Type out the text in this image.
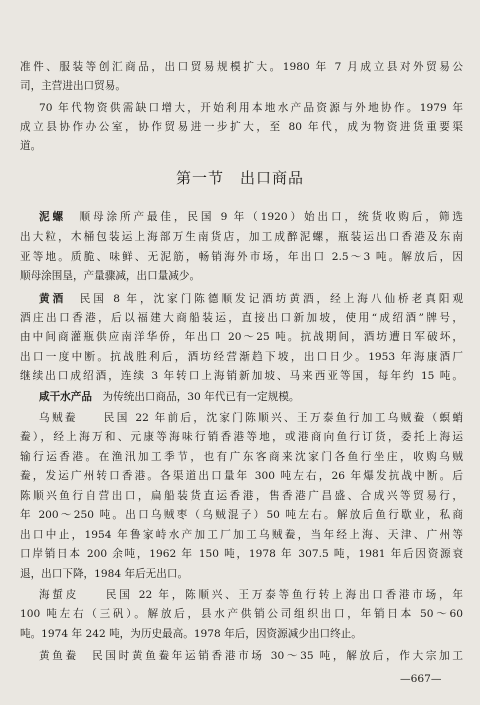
准件、服装等创汇商品，出口贸易规模扩大。1980 年 7 月成立县对外贸易公
司，主营进出口贸易。
70 年代物资供需缺口增大，开始利用本地水产品资源与外地协作。1979 年
成立县协作办公室，协作贸易进一步扩大，至 80 年代，成为物资进货重要渠
道。
第一节　出口商品
泥螺　顺母涂所产最佳，民国 9 年（1920）始出口，统货收购后，筛选
出大粒，木桶包装运上海部万生南货店，加工成醉泥螺，瓶装运出口香港及东南
亚等地。质脆、味鲜、无泥筋，畅销海外市场，年出口 2.5～3 吨。解放后，因
顺母涂围垦，产量骤减，出口量减少。
黄酒　民国 8 年，沈家门陈德顺发记酒坊黄酒，经上海八仙桥老真阳观
酒庄出口香港，后以福建大商船装运，直接出口新加坡，使用“成绍酒”牌号，
由中间商灌瓶供应南洋华侨，年出口 20～25 吨。抗战期间，酒坊遭日军破坏，
出口一度中断。抗战胜利后，酒坊经营渐趋下坡，出口日少。1953 年海康酒厂
继续出口成绍酒，连续 3 年转口上海销新加坡、马来西亚等国，每年约 15 吨。
咸干水产品　为传统出口商品，30 年代已有一定规模。
乌贼鲞　　民国 22 年前后，沈家门陈顺兴、王万泰鱼行加工乌贼鲞（螟蛸
鲞），经上海万和、元康等海味行销香港等地，或港商向鱼行订货，委托上海运
输行运香港。在渔汛加工季节，也有广东客商来沈家门各鱼行坐庄，收购乌贼
鲞，发运广州转口香港。各渠道出口量年 300 吨左右，26 年爆发抗战中断。后
陈顺兴鱼行自营出口，扁船装货直运香港，售香港广昌盛、合成兴等贸易行，
年 200～250 吨。出口乌贼枣（乌贼混子）50 吨左右。解放后鱼行歇业，私商
出口中止，1954 年鲁家峙水产加工厂加工乌贼鲞，当年经上海、天津、广州等
口岸销日本 200 余吨，1962 年 150 吨，1978 年 307.5 吨，1981 年后因资源衰
退，出口下降，1984 年后无出口。
海蜇皮　　民国 22 年，陈顺兴、王万泰等鱼行转上海出口香港市场，年
100 吨左右（三矾）。解放后，县水产供销公司组织出口，年销日本 50～60
吨。1974 年 242 吨，为历史最高。1978 年后，因资源减少出口终止。
黄鱼鲞　民国时黄鱼鲞年运销香港市场 30～35 吨，解放后，作大宗加工
—667—
